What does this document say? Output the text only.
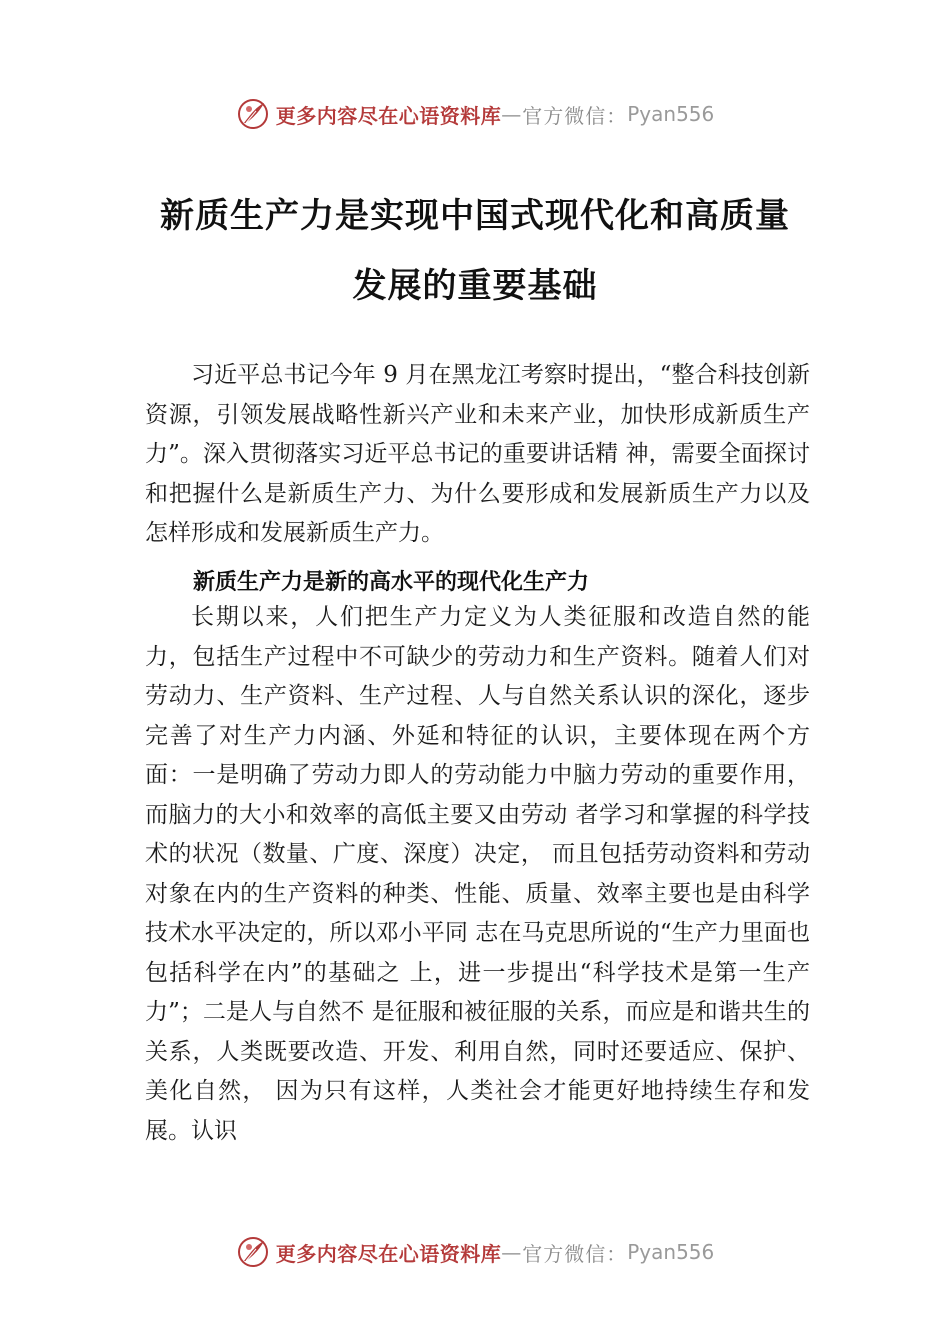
更多内容尽在心语资料库 — 官方微信： Pyan556
新质生产力是实现中国式现代化和高质量
发展的重要基础

习近平总书记今年 9 月在黑龙江考察时提出，“整合科技创新资源，引领发展战略性新兴产业和未来产业，加快形成新质生产力”。深入贯彻落实习近平总书记的重要讲话精 神，需要全面探讨和把握什么是新质生产力、为什么要形成和发展新质生产力以及怎样形成和发展新质生产力。

新质生产力是新的高水平的现代化生产力

长期以来，人们把生产力定义为人类征服和改造自然的能力，包括生产过程中不可缺少的劳动力和生产资料。随着人们对劳动力、生产资料、生产过程、人与自然关系认识的深化，逐步完善了对生产力内涵、外延和特征的认识，主要体现在两个方面：一是明确了劳动力即人的劳动能力中脑力劳动的重要作用，而脑力的大小和效率的高低主要又由劳动 者学习和掌握的科学技术的状况（数量、广度、深度）决定， 而且包括劳动资料和劳动对象在内的生产资料的种类、性能、质量、效率主要也是由科学技术水平决定的，所以邓小平同 志在马克思所说的“生产力里面也包括科学在内”的基础之 上，进一步提出“科学技术是第一生产力”；二是人与自然不 是征服和被征服的关系，而应是和谐共生的关系，人类既要改造、开发、利用自然，同时还要适应、保护、美化自然， 因为只有这样，人类社会才能更好地持续生存和发展。认识

更多内容尽在心语资料库 — 官方微信： Pyan556
